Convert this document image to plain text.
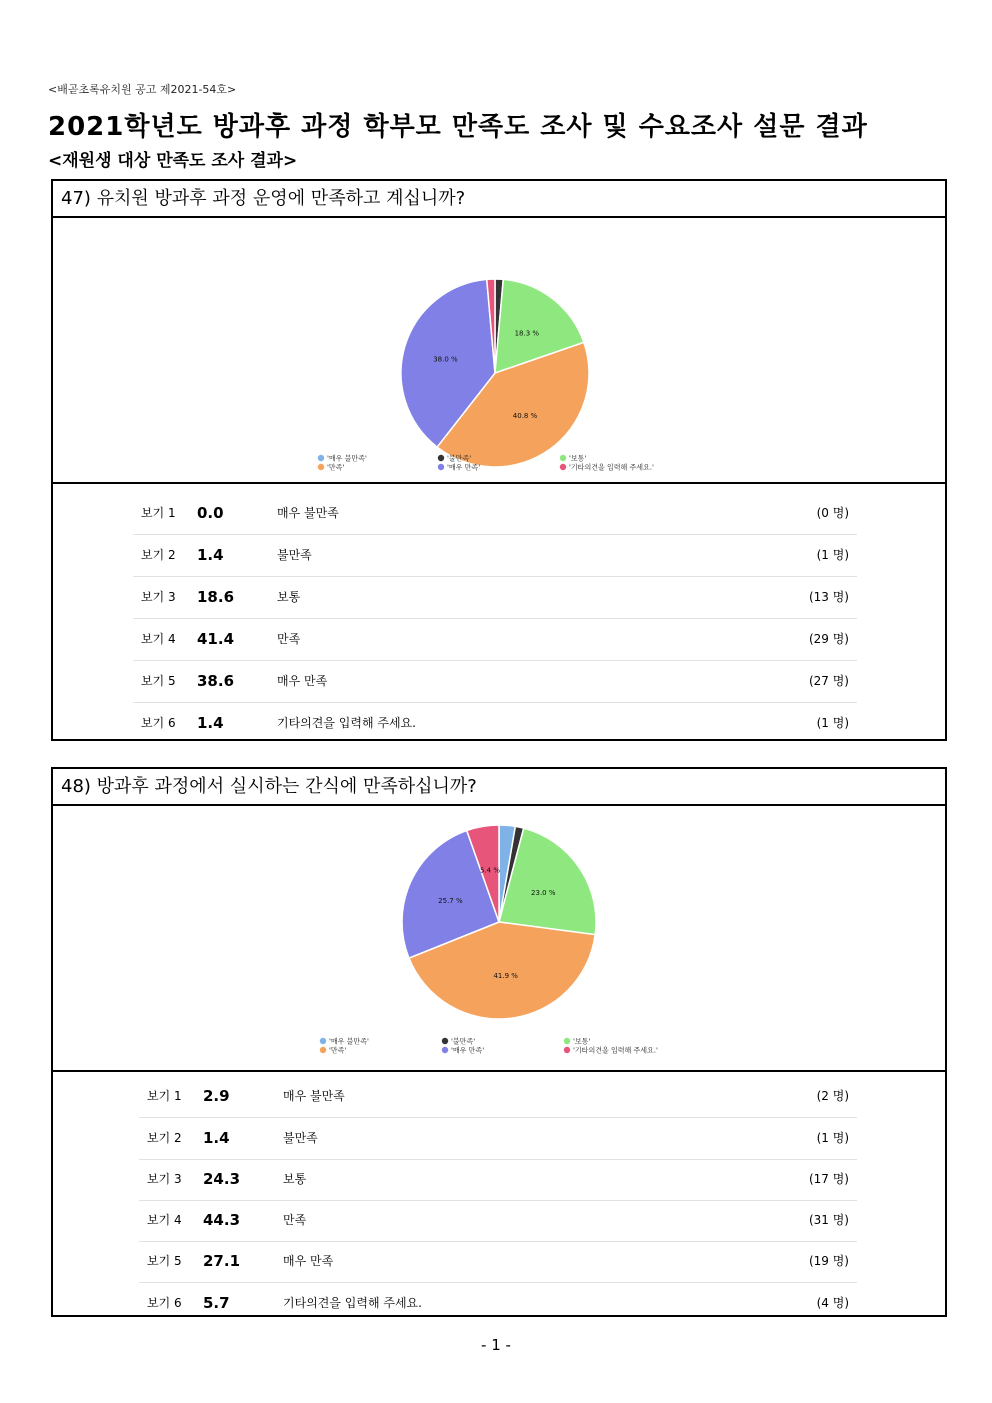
<배곧초록유치원 공고 제2021-54호>
2021학년도 방과후 과정 학부모 만족도 조사 및 수요조사 설문 결과
<재원생 대상 만족도 조사 결과>
47) 유치원 방과후 과정 운영에 만족하고 계십니까?
18.3 %
40.8 %
38.0 %
'매우 불만족'	'불만족'	'보통'
'만족'	'매우 만족'	'기타의견을 입력해 주세요.'
보기 1 0.0	매우 불만족	(0 명)
보기 2 1.4	불만족	(1 명)
보기 3 18.6	보통	(13 명)
보기 4 41.4	만족	(29 명)
보기 5 38.6	매우 만족	(27 명)
보기 6 1.4	기타의견을 입력해 주세요.	(1 명)
48) 방과후 과정에서 실시하는 간식에 만족하십니까?
23.0 %
41.9 %
25.7 %
5.4 %
'매우 불만족'	'불만족'	'보통'
'만족'	'매우 만족'	'기타의견을 입력해 주세요.'
보기 1 2.9	매우 불만족	(2 명)
보기 2 1.4	불만족	(1 명)
보기 3 24.3	보통	(17 명)
보기 4 44.3	만족	(31 명)
보기 5 27.1	매우 만족	(19 명)
보기 6 5.7	기타의견을 입력해 주세요.	(4 명)
- 1 -
